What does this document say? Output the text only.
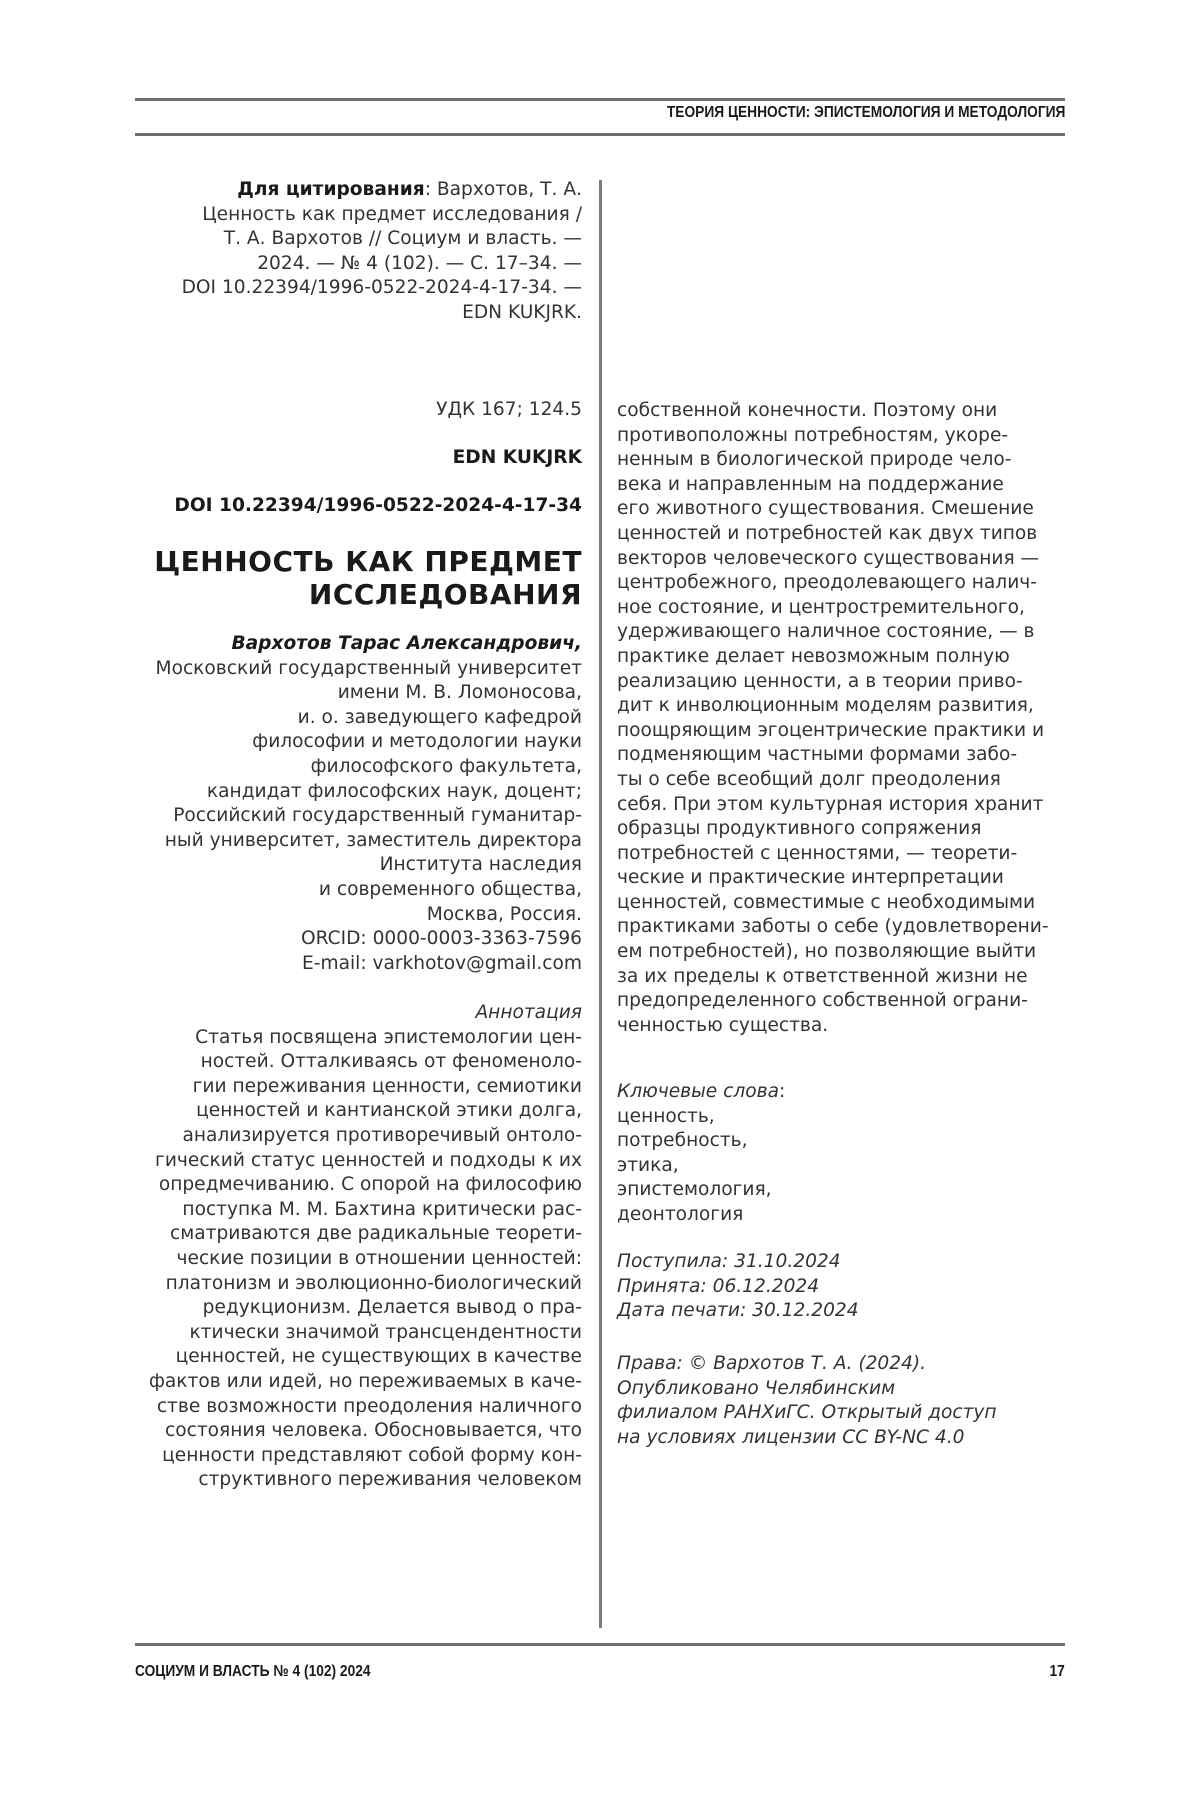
ТЕОРИЯ ЦЕННОСТИ: ЭПИСТЕМОЛОГИЯ И МЕТОДОЛОГИЯ
Для цитирования: Вархотов, Т. А.
Ценность как предмет исследования /
Т. А. Вархотов // Социум и власть. —
2024. — № 4 (102). — С. 17–34. —
DOI 10.22394/1996-0522-2024-4-17-34. —
EDN KUKJRK.
УДК 167; 124.5
EDN KUKJRK
DOI 10.22394/1996-0522-2024-4-17-34
ЦЕННОСТЬ КАК ПРЕДМЕТ
ИССЛЕДОВАНИЯ
Вархотов Тарас Александрович,
Московский государственный университет
имени М. В. Ломоносова,
и. о. заведующего кафедрой
философии и методологии науки
философского факультета,
кандидат философских наук, доцент;
Российский государственный гуманитар-
ный университет, заместитель директора
Института наследия
и современного общества,
Москва, Россия.
ORCID: 0000-0003-3363-7596
E-mail: varkhotov@gmail.com
Аннотация
Статья посвящена эпистемологии цен-
ностей. Отталкиваясь от феноменоло-
гии переживания ценности, семиотики
ценностей и кантианской этики долга,
анализируется противоречивый онтоло-
гический статус ценностей и подходы к их
опредмечиванию. С опорой на философию
поступка М. М. Бахтина критически рас-
сматриваются две радикальные теорети-
ческие позиции в отношении ценностей:
платонизм и эволюционно-биологический
редукционизм. Делается вывод о пра-
ктически значимой трансцендентности
ценностей, не существующих в качестве
фактов или идей, но переживаемых в каче-
стве возможности преодоления наличного
состояния человека. Обосновывается, что
ценности представляют собой форму кон-
структивного переживания человеком
собственной конечности. Поэтому они
противоположны потребностям, укоре-
ненным в биологической природе чело-
века и направленным на поддержание
его животного существования. Смешение
ценностей и потребностей как двух типов
векторов человеческого существования —
центробежного, преодолевающего налич-
ное состояние, и центростремительного,
удерживающего наличное состояние, — в
практике делает невозможным полную
реализацию ценности, а в теории приво-
дит к инволюционным моделям развития,
поощряющим эгоцентрические практики и
подменяющим частными формами забо-
ты о себе всеобщий долг преодоления
себя. При этом культурная история хранит
образцы продуктивного сопряжения
потребностей с ценностями, — теорети-
ческие и практические интерпретации
ценностей, совместимые с необходимыми
практиками заботы о себе (удовлетворени-
ем потребностей), но позволяющие выйти
за их пределы к ответственной жизни не
предопределенного собственной ограни-
ченностью существа.
Ключевые слова:
ценность,
потребность,
этика,
эпистемология,
деонтология
Поступила: 31.10.2024
Принята: 06.12.2024
Дата печати: 30.12.2024
Права: © Вархотов Т. А. (2024).
Опубликовано Челябинским
филиалом РАНХиГС. Открытый доступ
на условиях лицензии CC BY-NC 4.0
СОЦИУМ И ВЛАСТЬ № 4 (102) 2024	17
